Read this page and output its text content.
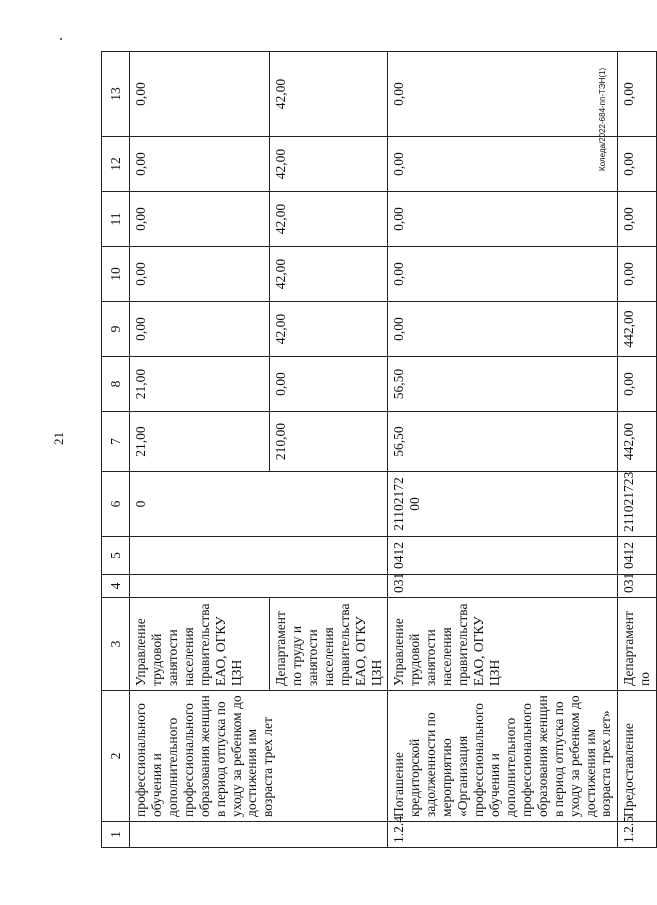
21
Коледа/2022-684-пп-ТЭН(1)
1	2	3	4	5	6	7	8	9	10	11	12	13
	профессионального обучения и дополнительного профессионального образования женщин в период отпуска по уходу за ребенком до достижения им возраста трех лет	Управление трудовой занятости населения правительства ЕАО, ОГКУ ЦЗН			0	21,00	21,00	0,00	0,00	0,00	0,00	0,00
		Департамент по труду и занятости населения правительства ЕАО, ОГКУ ЦЗН				210,00	0,00	42,00	42,00	42,00	42,00	42,00
1.2.4	Погашение кредиторской задолженности по мероприятию «Организация профессионального обучения и дополнительного профессионального образования женщин в период отпуска по уходу за ребенком до достижения им возраста трех лет»	Управление трудовой занятости населения правительства ЕАО, ОГКУ ЦЗН	031	0412	2110217200	56,50	56,50	0,00	0,00	0,00	0,00	0,00
1.2.5	Предоставление	Департамент по	031	0412	211021723	442,00	0,00	442,00	0,00	0,00	0,00	0,00
